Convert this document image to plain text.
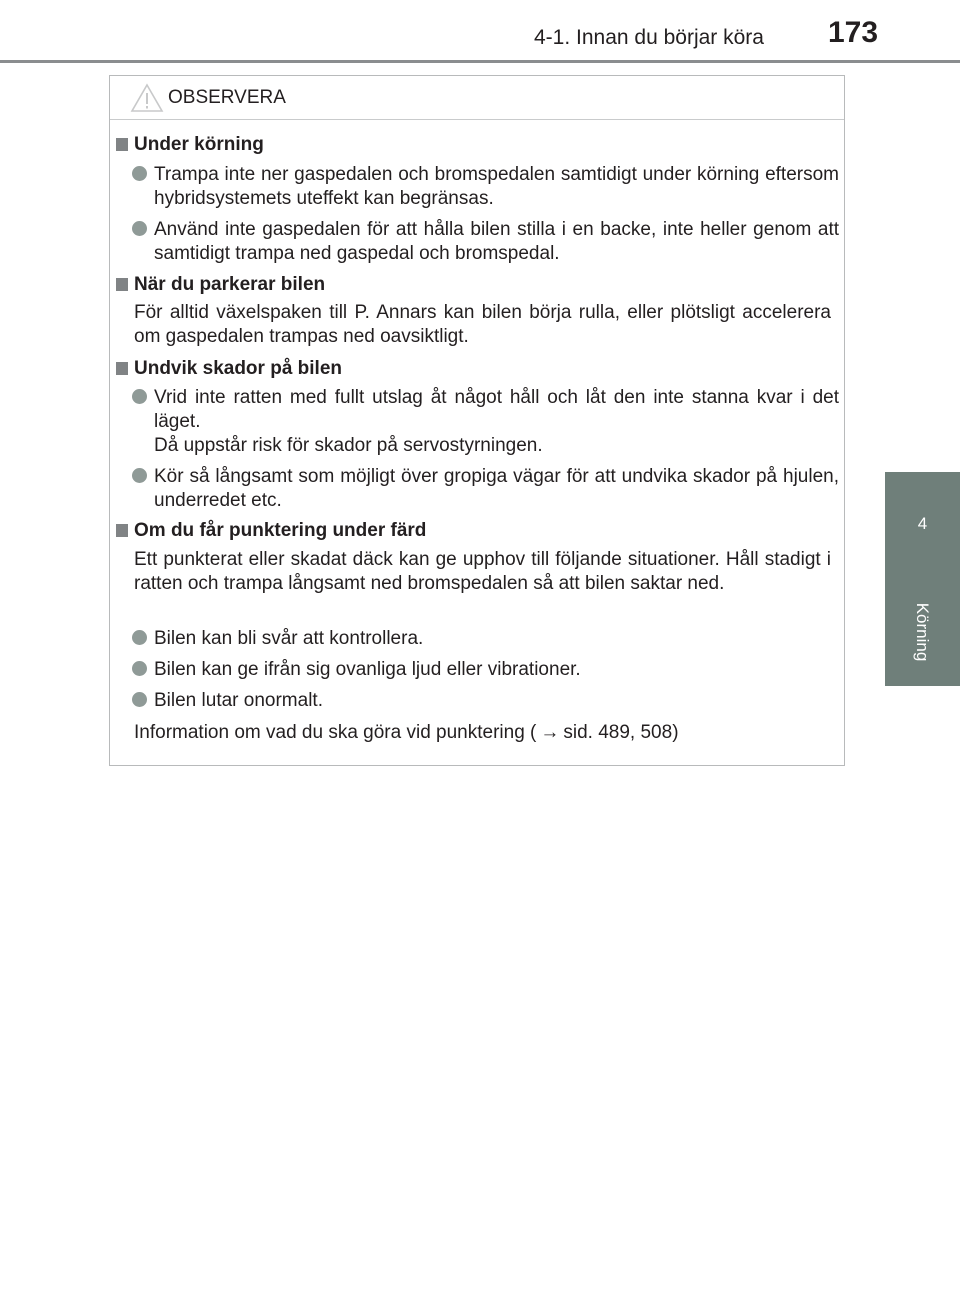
4-1. Innan du börjar köra 173
4
Körning
OBSERVERA
Under körning
Trampa inte ner gaspedalen och bromspedalen samtidigt under körning eftersom hybridsystemets uteffekt kan begränsas.
Använd inte gaspedalen för att hålla bilen stilla i en backe, inte heller genom att samtidigt trampa ned gaspedal och bromspedal.
När du parkerar bilen
För alltid växelspaken till P. Annars kan bilen börja rulla, eller plötsligt accelerera om gaspedalen trampas ned oavsiktligt.
Undvik skador på bilen
Vrid inte ratten med fullt utslag åt något håll och låt den inte stanna kvar i det läget.
Då uppstår risk för skador på servostyrningen.
Kör så långsamt som möjligt över gropiga vägar för att undvika skador på hjulen, underredet etc.
Om du får punktering under färd
Ett punkterat eller skadat däck kan ge upphov till följande situationer. Håll stadigt i ratten och trampa långsamt ned bromspedalen så att bilen saktar ned.
Bilen kan bli svår att kontrollera.
Bilen kan ge ifrån sig ovanliga ljud eller vibrationer.
Bilen lutar onormalt.
Information om vad du ska göra vid punktering ( → sid. 489, 508)
